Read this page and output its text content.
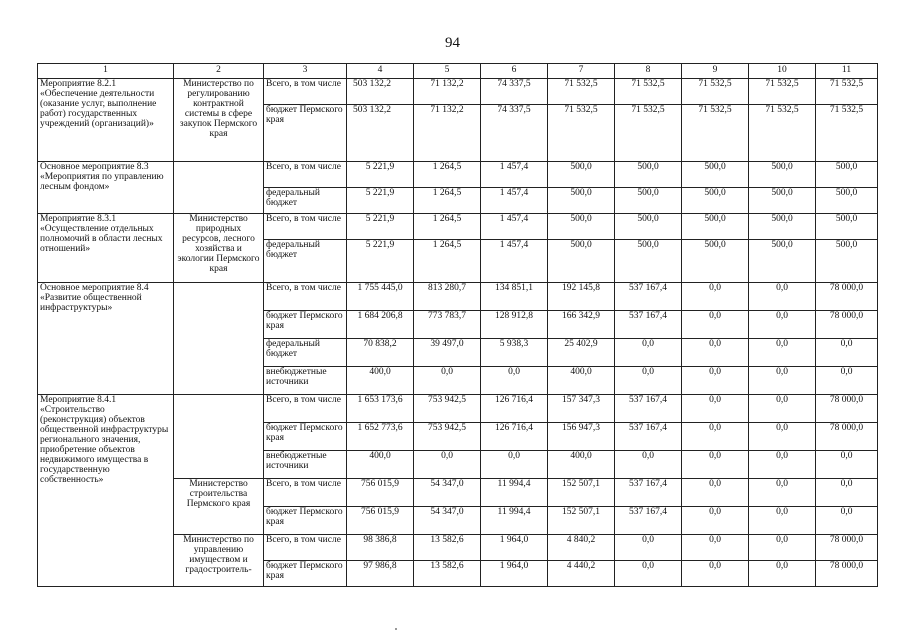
94
1	2	3	4	5	6	7	8	9	10	11
Мероприятие 8.2.1 «Обеспечение деятельности (оказание услуг, выполнение работ) государственных учреждений (организаций)»	Министерство по регулированию контрактной системы в сфере закупок Пермского края	Всего, в том числе	503 132,2	71 132,2	74 337,5	71 532,5	71 532,5	71 532,5	71 532,5	71 532,5
		бюджет Пермского края	503 132,2	71 132,2	74 337,5	71 532,5	71 532,5	71 532,5	71 532,5	71 532,5
Основное мероприятие 8.3 «Мероприятия по управлению лесным фондом»		Всего, в том числе	5 221,9	1 264,5	1 457,4	500,0	500,0	500,0	500,0	500,0
		федеральный бюджет	5 221,9	1 264,5	1 457,4	500,0	500,0	500,0	500,0	500,0
Мероприятие 8.3.1 «Осуществление отдельных полномочий в области лесных отношений»	Министерство природных ресурсов, лесного хозяйства и экологии Пермского края	Всего, в том числе	5 221,9	1 264,5	1 457,4	500,0	500,0	500,0	500,0	500,0
		федеральный бюджет	5 221,9	1 264,5	1 457,4	500,0	500,0	500,0	500,0	500,0
Основное мероприятие 8.4 «Развитие общественной инфраструктуры»		Всего, в том числе	1 755 445,0	813 280,7	134 851,1	192 145,8	537 167,4	0,0	0,0	78 000,0
		бюджет Пермского края	1 684 206,8	773 783,7	128 912,8	166 342,9	537 167,4	0,0	0,0	78 000,0
		федеральный бюджет	70 838,2	39 497,0	5 938,3	25 402,9	0,0	0,0	0,0	0,0
		внебюджетные источники	400,0	0,0	0,0	400,0	0,0	0,0	0,0	0,0
Мероприятие 8.4.1 «Строительство (реконструкция) объектов общественной инфраструктуры регионального значения, приобретение объектов недвижимого имущества в государственную собственность»		Всего, в том числе	1 653 173,6	753 942,5	126 716,4	157 347,3	537 167,4	0,0	0,0	78 000,0
		бюджет Пермского края	1 652 773,6	753 942,5	126 716,4	156 947,3	537 167,4	0,0	0,0	78 000,0
		внебюджетные источники	400,0	0,0	0,0	400,0	0,0	0,0	0,0	0,0
	Министерство строительства Пермского края	Всего, в том числе	756 015,9	54 347,0	11 994,4	152 507,1	537 167,4	0,0	0,0	0,0
		бюджет Пермского края	756 015,9	54 347,0	11 994,4	152 507,1	537 167,4	0,0	0,0	0,0
	Министерство по управлению имуществом и градостроитель-	Всего, в том числе	98 386,8	13 582,6	1 964,0	4 840,2	0,0	0,0	0,0	78 000,0
		бюджет Пермского края	97 986,8	13 582,6	1 964,0	4 440,2	0,0	0,0	0,0	78 000,0
